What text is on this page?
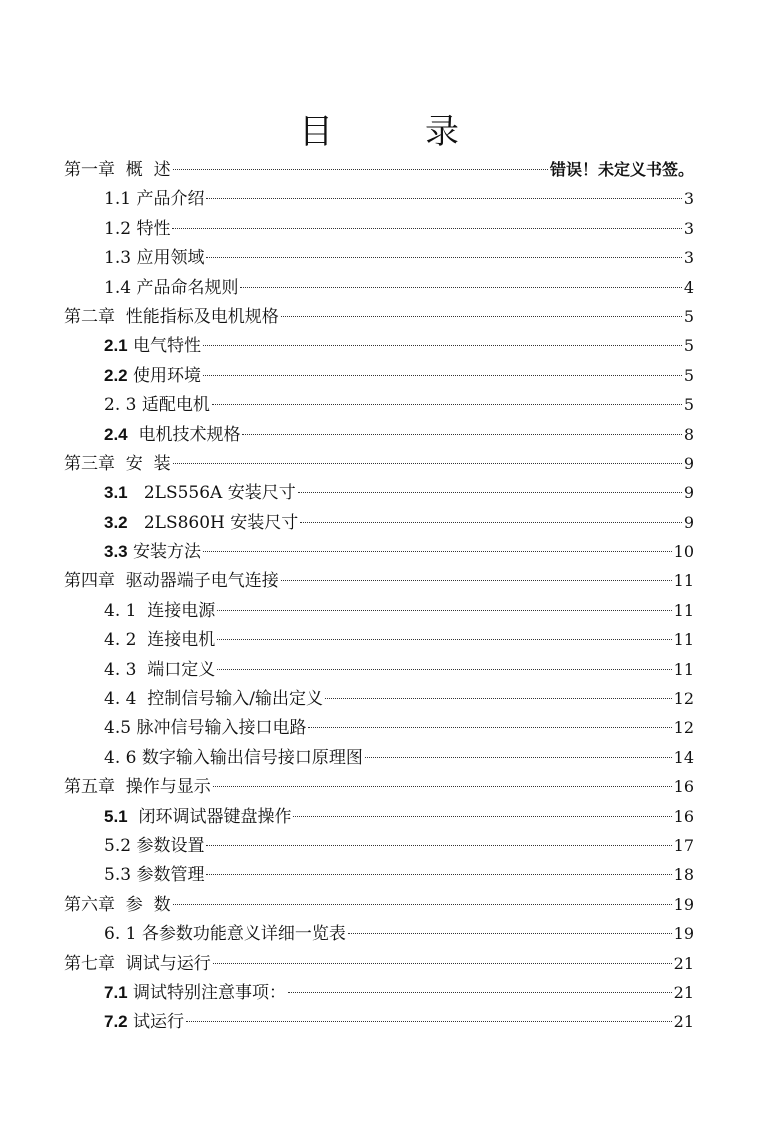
目	录
第一章  概  述	错误！未定义书签。
1.1 产品介绍	3
1.2 特性	3
1.3 应用领域	3
1.4 产品命名规则	4
第二章  性能指标及电机规格	5
2.1 电气特性	5
2.2 使用环境	5
2. 3 适配电机	5
2.4  电机技术规格	8
第三章  安  装	9
3.1   2LS556A 安装尺寸	9
3.2   2LS860H 安装尺寸	9
3.3 安装方法	10
第四章  驱动器端子电气连接	11
4. 1  连接电源	11
4. 2  连接电机	11
4. 3  端口定义	11
4. 4  控制信号输入/输出定义	12
4.5 脉冲信号输入接口电路	12
4. 6 数字输入输出信号接口原理图	14
第五章  操作与显示	16
5.1  闭环调试器键盘操作	16
5.2 参数设置	17
5.3 参数管理	18
第六章  参  数	19
6. 1 各参数功能意义详细一览表	19
第七章  调试与运行	21
7.1 调试特别注意事项：	21
7.2 试运行	21
